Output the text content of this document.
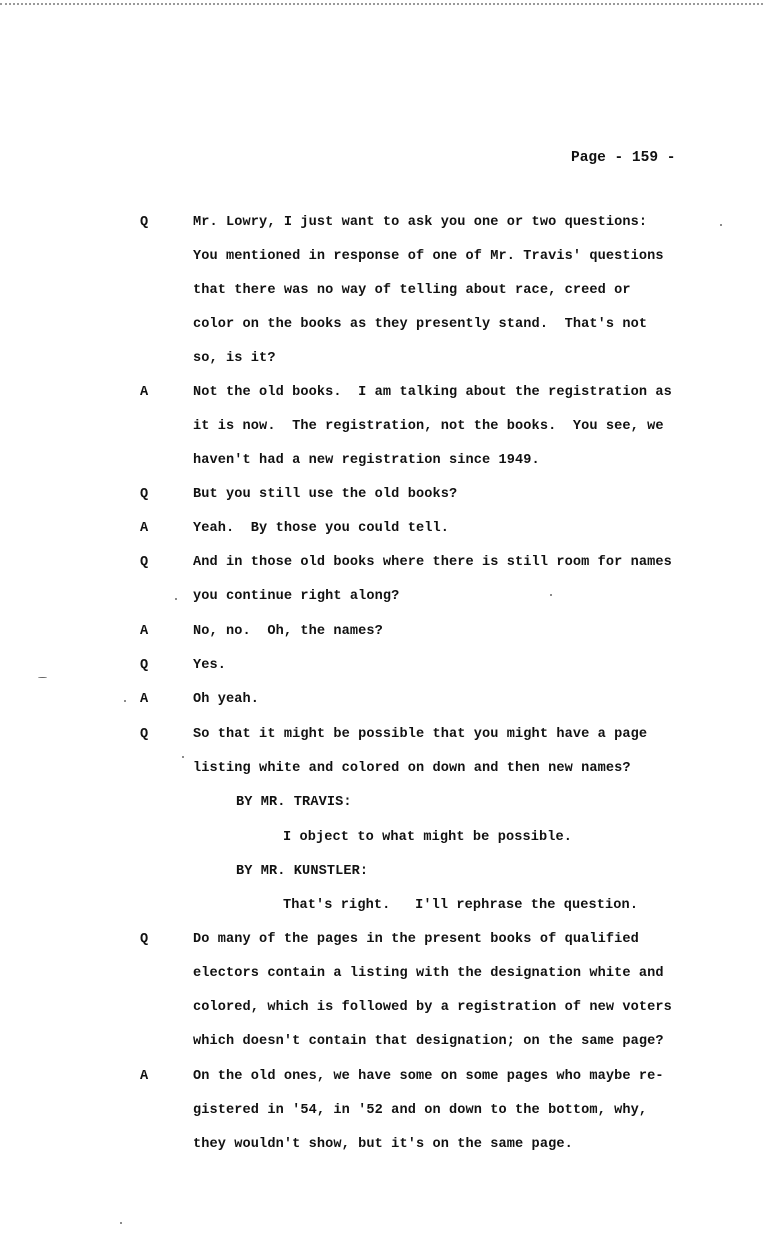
Page - 159 -
Q	Mr. Lowry, I just want to ask you one or two questions:
You mentioned in response of one of Mr. Travis' questions
that there was no way of telling about race, creed or
color on the books as they presently stand.  That's not
so, is it?
A	Not the old books.  I am talking about the registration as
it is now.  The registration, not the books.  You see, we
haven't had a new registration since 1949.
Q	But you still use the old books?
A	Yeah.  By those you could tell.
Q	And in those old books where there is still room for names
you continue right along?
A	No, no.  Oh, the names?
Q	Yes.
A	Oh yeah.
Q	So that it might be possible that you might have a page
listing white and colored on down and then new names?
BY MR. TRAVIS:
I object to what might be possible.
BY MR. KUNSTLER:
That's right.   I'll rephrase the question.
Q	Do many of the pages in the present books of qualified
electors contain a listing with the designation white and
colored, which is followed by a registration of new voters
which doesn't contain that designation; on the same page?
A	On the old ones, we have some on some pages who maybe re-
gistered in '54, in '52 and on down to the bottom, why,
they wouldn't show, but it's on the same page.
